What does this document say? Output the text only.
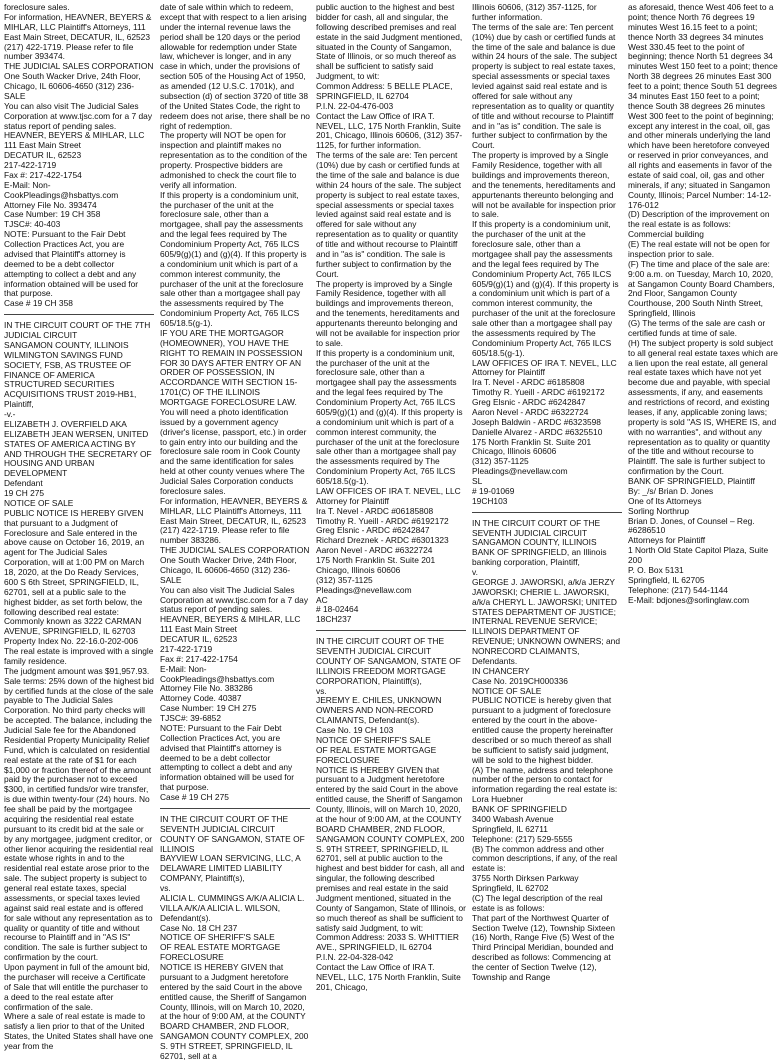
foreclosure sales.

For information, HEAVNER, BEYERS & MIHLAR, LLC Plaintiff's Attorneys, 111 East Main Street, DECATUR, IL, 62523 (217) 422-1719. Please refer to file number 393474.

THE JUDICIAL SALES CORPORATION

One South Wacker Drive, 24th Floor, Chicago, IL 60606-4650 (312) 236-SALE

You can also visit The Judicial Sales Corporation at www.tjsc.com for a 7 day status report of pending sales.

HEAVNER, BEYERS & MIHLAR, LLC

111 East Main Street

DECATUR IL, 62523

217-422-1719

Fax #: 217-422-1754

E-Mail: Non-CookPleadings@hsbattys.com

Attorney File No. 393474

Case Number: 19 CH 358

TJSC#: 40-403

NOTE: Pursuant to the Fair Debt Collection Practices Act, you are advised that Plaintiff's attorney is deemed to be a debt collector attempting to collect a debt and any information obtained will be used for that purpose.

Case # 19 CH 358

IN THE CIRCUIT COURT OF THE 7TH JUDICIAL CIRCUIT

SANGAMON COUNTY, ILLINOIS

WILMINGTON SAVINGS FUND SOCIETY, FSB, AS TRUSTEE OF FINANCE OF AMERICA STRUCTURED SECURITIES ACQUISITIONS TRUST 2019-HB1, Plaintiff,

-v.-

ELIZABETH J. OVERFIELD AKA ELIZABETH JEAN WERSEN, UNITED STATES OF AMERICA ACTING BY AND THROUGH THE SECRETARY OF HOUSING AND URBAN DEVELOPMENT

Defendant

19 CH 275

NOTICE OF SALE

PUBLIC NOTICE IS HEREBY GIVEN that pursuant to a Judgment of Foreclosure and Sale entered in the above cause on October 16, 2019, an agent for The Judicial Sales Corporation, will at 1:00 PM on March 18, 2020, at the Do Ready Services, 600 S 6th Street, SPRINGFIELD, IL, 62701, sell at a public sale to the highest bidder, as set forth below, the following described real estate:

Commonly known as 3222 CARMAN AVENUE, SPRINGFIELD, IL 62703

Property Index No. 22-16.0-202-006

The real estate is improved with a single family residence.

The judgment amount was $91,957.93.

Sale terms: 25% down of the highest bid by certified funds at the close of the sale payable to The Judicial Sales Corporation. No third party checks will be accepted. The balance, including the Judicial Sale fee for the Abandoned Residential Property Municipality Relief Fund, which is calculated on residential real estate at the rate of $1 for each $1,000 or fraction thereof of the amount paid by the purchaser not to exceed $300, in certified funds/or wire transfer, is due within twenty-four (24) hours. No fee shall be paid by the mortgagee acquiring the residential real estate pursuant to its credit bid at the sale or by any mortgagee, judgment creditor, or other lienor acquiring the residential real estate whose rights in and to the residential real estate arose prior to the sale. The subject property is subject to general real estate taxes, special assessments, or special taxes levied against said real estate and is offered for sale without any representation as to quality or quantity of title and without recourse to Plaintiff and in "AS IS" condition. The sale is further subject to confirmation by the court.

Upon payment in full of the amount bid, the purchaser will receive a Certificate of Sale that will entitle the purchaser to a deed to the real estate after confirmation of the sale.

Where a sale of real estate is made to satisfy a lien prior to that of the United States, the United States shall have one year from the

date of sale within which to redeem, except that with respect to a lien arising under the internal revenue laws the period shall be 120 days or the period allowable for redemption under State law, whichever is longer, and in any case in which, under the provisions of section 505 of the Housing Act of 1950, as amended (12 U.S.C. 1701k), and subsection (d) of section 3720 of title 38 of the United States Code, the right to redeem does not arise, there shall be no right of redemption.

The property will NOT be open for inspection and plaintiff makes no representation as to the condition of the property. Prospective bidders are admonished to check the court file to verify all information.

If this property is a condominium unit, the purchaser of the unit at the foreclosure sale, other than a mortgagee, shall pay the assessments and the legal fees required by The Condominium Property Act, 765 ILCS 605/9(g)(1) and (g)(4). If this property is a condominium unit which is part of a common interest community, the purchaser of the unit at the foreclosure sale other than a mortgagee shall pay the assessments required by The Condominium Property Act, 765 ILCS 605/18.5(g-1).

IF YOU ARE THE MORTGAGOR (HOMEOWNER), YOU HAVE THE RIGHT TO REMAIN IN POSSESSION FOR 30 DAYS AFTER ENTRY OF AN ORDER OF POSSESSION, IN ACCORDANCE WITH SECTION 15-1701(C) OF THE ILLINOIS MORTGAGE FORECLOSURE LAW.

You will need a photo identification issued by a government agency (driver's license, passport, etc.) in order to gain entry into our building and the foreclosure sale room in Cook County and the same identification for sales held at other county venues where The Judicial Sales Corporation conducts foreclosure sales.

For information, HEAVNER, BEYERS & MIHLAR, LLC Plaintiff's Attorneys, 111 East Main Street, DECATUR, IL, 62523 (217) 422-1719. Please refer to file number 383286.

THE JUDICIAL SALES CORPORATION

One South Wacker Drive, 24th Floor, Chicago, IL 60606-4650 (312) 236-SALE

You can also visit The Judicial Sales Corporation at www.tjsc.com for a 7 day status report of pending sales.

HEAVNER, BEYERS & MIHLAR, LLC

111 East Main Street

DECATUR IL, 62523

217-422-1719

Fax #: 217-422-1754

E-Mail: Non-CookPleadings@hsbattys.com

Attorney File No. 383286

Attorney Code. 40387

Case Number: 19 CH 275

TJSC#: 39-6852

NOTE: Pursuant to the Fair Debt Collection Practices Act, you are advised that Plaintiff's attorney is deemed to be a debt collector attempting to collect a debt and any information obtained will be used for that purpose.

Case # 19 CH 275

IN THE CIRCUIT COURT OF THE SEVENTH JUDICIAL CIRCUIT

COUNTY OF SANGAMON, STATE OF ILLINOIS

BAYVIEW LOAN SERVICING, LLC, A DELAWARE LIMITED LIABILITY COMPANY, Plaintiff(s),

vs.

ALICIA L. CUMMINGS A/K/A ALICIA L. VILLA A/K/A ALICIA L. WILSON, Defendant(s).

Case No. 18 CH 237

NOTICE OF SHERIFF'S SALE

OF REAL ESTATE MORTGAGE FORECLOSURE

NOTICE IS HEREBY GIVEN that pursuant to a Judgment heretofore entered by the said Court in the above entitled cause, the Sheriff of Sangamon County, Illinois, will on March 10, 2020, at the hour of 9:00 AM, at the COUNTY BOARD CHAMBER, 2ND FLOOR, SANGAMON COUNTY COMPLEX, 200 S. 9TH STREET, SPRINGFIELD, IL 62701, sell at a

public auction to the highest and best bidder for cash, all and singular, the following described premises and real estate in the said Judgment mentioned, situated in the County of Sangamon, State of Illinois, or so much thereof as shall be sufficient to satisfy said Judgment, to wit:

Common Address: 5 BELLE PLACE, SPRINGFIELD, IL 62704

P.I.N. 22-04-476-003

Contact the Law Office of IRA T. NEVEL, LLC, 175 North Franklin, Suite 201, Chicago, Illinois 60606, (312) 357-1125, for further information.

The terms of the sale are: Ten percent (10%) due by cash or certified funds at the time of the sale and balance is due within 24 hours of the sale. The subject property is subject to real estate taxes, special assessments or special taxes levied against said real estate and is offered for sale without any representation as to quality or quantity of title and without recourse to Plaintiff and in "as is" condition. The sale is further subject to confirmation by the Court.

The property is improved by a Single Family Residence, together with all buildings and improvements thereon, and the tenements, hereditaments and appurtenants thereunto belonging and will not be available for inspection prior to sale.

If this property is a condominium unit, the purchaser of the unit at the foreclosure sale, other than a mortgagee shall pay the assessments and the legal fees required by The Condominium Property Act, 765 ILCS 605/9(g)(1) and (g)(4). If this property is a condominium unit which is part of a common interest community, the purchaser of the unit at the foreclosure sale other than a mortgagee shall pay the assessments required by The Condominium Property Act, 765 ILCS 605/18.5(g-1).

LAW OFFICES OF IRA T. NEVEL, LLC

Attorney for Plaintiff

Ira T. Nevel - ARDC #06185808

Timothy R. Yueill - ARDC #6192172

Greg Elsnic - ARDC #6242847

Richard Dreznek - ARDC #6301323

Aaron Nevel - ARDC #6322724

175 North Franklin St. Suite 201

Chicago, Illinois 60606

(312) 357-1125

Pleadings@nevellaw.com

AC

# 18-02464

18CH237

IN THE CIRCUIT COURT OF THE SEVENTH JUDICIAL CIRCUIT

COUNTY OF SANGAMON, STATE OF ILLINOIS FREEDOM MORTGAGE CORPORATION, Plaintiff(s),

vs.

JEREMY E. CHILES, UNKNOWN OWNERS AND NON-RECORD CLAIMANTS, Defendant(s).

Case No. 19 CH 103

NOTICE OF SHERIFF'S SALE

OF REAL ESTATE MORTGAGE FORECLOSURE

NOTICE IS HEREBY GIVEN that pursuant to a Judgment heretofore entered by the said Court in the above entitled cause, the Sheriff of Sangamon County, Illinois, will on March 10, 2020, at the hour of 9:00 AM, at the COUNTY BOARD CHAMBER, 2ND FLOOR, SANGAMON COUNTY COMPLEX, 200 S. 9TH STREET, SPRINGFIELD, IL 62701, sell at public auction to the highest and best bidder for cash, all and singular, the following described premises and real estate in the said Judgment mentioned, situated in the County of Sangamon, State of Illinois, or so much thereof as shall be sufficient to satisfy said Judgment, to wit:

Common Address: 2033 S. WHITTIER AVE., SPRINGFIELD, IL 62704

P.I.N. 22-04-328-042

Contact the Law Office of IRA T. NEVEL, LLC, 175 North Franklin, Suite 201, Chicago,

Illinois 60606, (312) 357-1125, for further information.

The terms of the sale are: Ten percent (10%) due by cash or certified funds at the time of the sale and balance is due within 24 hours of the sale. The subject property is subject to real estate taxes, special assessments or special taxes levied against said real estate and is offered for sale without any representation as to quality or quantity of title and without recourse to Plaintiff and in "as is" condition. The sale is further subject to confirmation by the Court.

The property is improved by a Single Family Residence, together with all buildings and improvements thereon, and the tenements, hereditaments and appurtenants thereunto belonging and will not be available for inspection prior to sale.

If this property is a condominium unit, the purchaser of the unit at the foreclosure sale, other than a mortgagee shall pay the assessments and the legal fees required by The Condominium Property Act, 765 ILCS 605/9(g)(1) and (g)(4). If this property is a condominium unit which is part of a common interest community, the purchaser of the unit at the foreclosure sale other than a mortgagee shall pay the assessments required by The Condominium Property Act, 765 ILCS 605/18.5(g-1).

LAW OFFICES OF IRA T. NEVEL, LLC

Attorney for Plaintiff

Ira T. Nevel - ARDC #6185808

Timothy R. Yueill - ARDC #6192172

Greg Elsnic - ARDC #6242847

Aaron Nevel - ARDC #6322724

Joseph Baldwin - ARDC #6323598

Danielle Alvarez - ARDC #6325510

175 North Franklin St. Suite 201

Chicago, Illinois 60606

(312) 357-1125

Pleadings@nevellaw.com

SL

# 19-01069

19CH103

IN THE CIRCUIT COURT OF THE SEVENTH JUDICIAL CIRCUIT

SANGAMON COUNTY, ILLINOIS

BANK OF SPRINGFIELD, an Illinois banking corporation, Plaintiff,

v.

GEORGE J. JAWORSKI, a/k/a JERZY JAWORSKI; CHERIE L. JAWORSKI, a/k/a CHERYL L. JAWORSKI; UNITED STATES DEPARTMENT OF JUSTICE;

INTERNAL REVENUE SERVICE; ILLINOIS DEPARTMENT OF REVENUE; UNKNOWN OWNERS; and NONRECORD CLAIMANTS, Defendants.

IN CHANCERY

Case No. 2019CH000336

NOTICE OF SALE

PUBLIC NOTICE is hereby given that pursuant to a judgment of foreclosure entered by the court in the above-entitled cause the property hereinafter described or so much thereof as shall be sufficient to satisfy said judgment, will be sold to the highest bidder.

(A) The name, address and telephone number of the person to contact for information regarding the real estate is:

Lora Huebner

BANK OF SPRINGFIELD

3400 Wabash Avenue

Springfield, IL 62711

Telephone: (217) 529-5555

(B) The common address and other common descriptions, if any, of the real estate is:

3755 North Dirksen Parkway

Springfield, IL 62702

(C) The legal description of the real estate is as follows:

That part of the Northwest Quarter of Section Twelve (12), Township Sixteen (16) North, Range Five (5) West of the Third Principal Meridian, bounded and described as follows: Commencing at the center of Section Twelve (12), Township and Range

as aforesaid, thence West 406 feet to a point; thence North 76 degrees 19 minutes West 16.15 feet to a point; thence North 33 degrees 34 minutes West 330.45 feet to the point of beginning; thence North 51 degrees 34 minutes West 150 feet to a point; thence North 38 degrees 26 minutes East 300 feet to a point; thence South 51 degrees 34 minutes East 150 feet to a point; thence South 38 degrees 26 minutes West 300 feet to the point of beginning; except any interest in the coal, oil, gas and other minerals underlying the land which have been heretofore conveyed or reserved in prior conveyances, and all rights and easements in favor of the estate of said coal, oil, gas and other minerals, if any; situated in Sangamon County, Illinois; Parcel Number: 14-12-176-012

(D) Description of the improvement on the real estate is as follows:

Commercial building

(E) The real estate will not be open for inspection prior to sale.

(F) The time and place of the sale are: 9:00 a.m. on Tuesday, March 10, 2020, at Sangamon County Board Chambers, 2nd Floor, Sangamon County Courthouse, 200 South Ninth Street, Springfield, Illinois

(G) The terms of the sale are cash or certified funds at time of sale.

(H) The subject property is sold subject to all general real estate taxes which are a lien upon the real estate, all general real estate taxes which have not yet become due and payable, with special assessments, if any, and easements and restrictions of record, and existing leases, if any, applicable zoning laws; property is sold "AS IS, WHERE IS, and with no warranties", and without any representation as to quality or quantity of the title and without recourse to Plaintiff. The sale is further subject to confirmation by the Court.

BANK OF SPRINGFIELD, Plaintiff

By: _/s/ Brian D. Jones

One of Its Attorneys

Sorling Northrup

Brian D. Jones, of Counsel – Reg. #6286510

Attorneys for Plaintiff

1 North Old State Capitol Plaza, Suite 200

P. O. Box 5131

Springfield, IL 62705

Telephone: (217) 544-1144

E-Mail: bdjones@sorlinglaw.com
